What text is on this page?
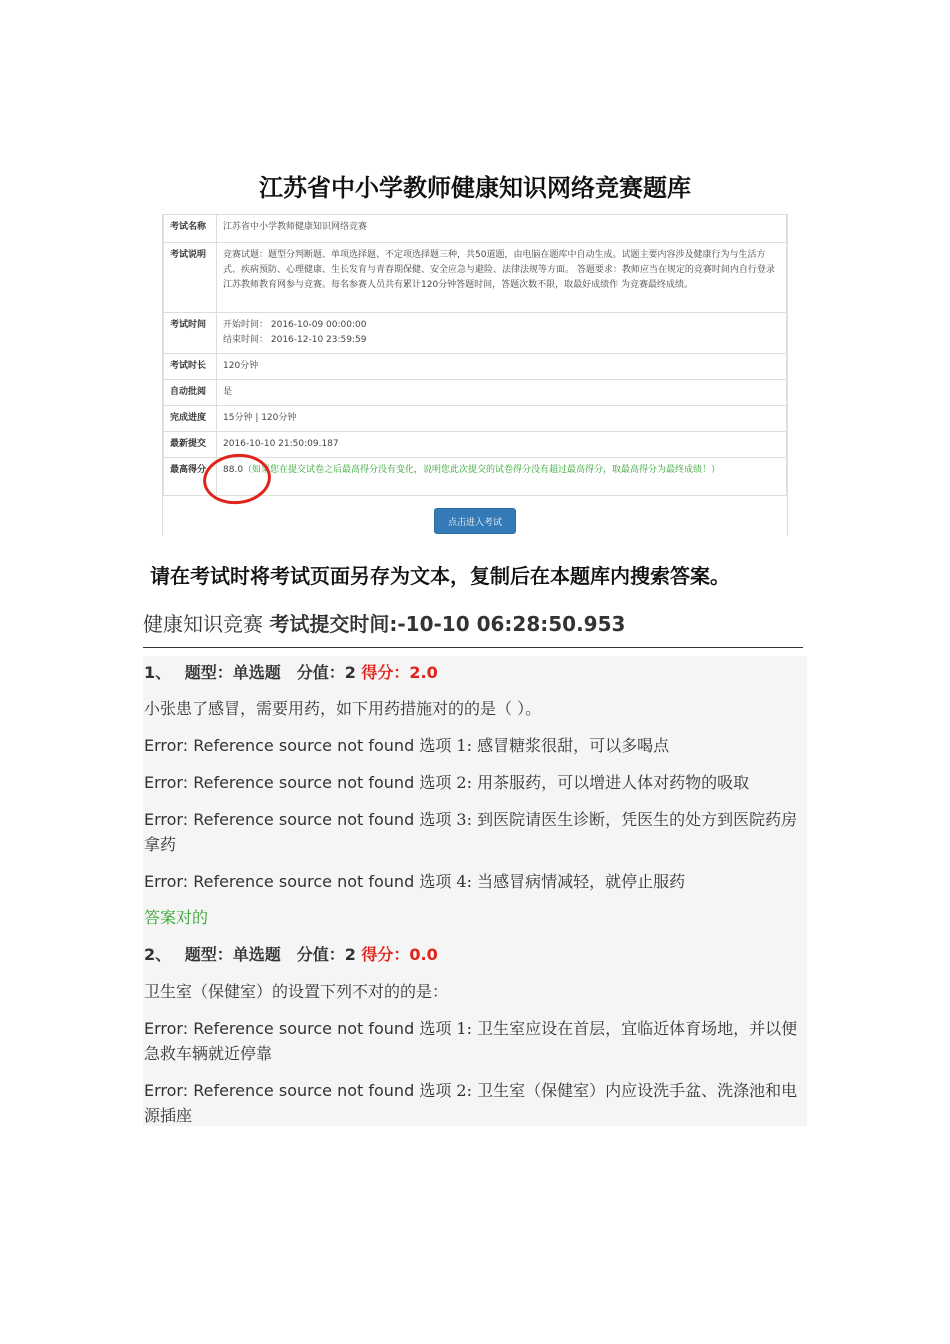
江苏省中小学教师健康知识网络竞赛题库
考试名称	江苏省中小学教师健康知识网络竞赛
考试说明	竞赛试题：题型分判断题、单项选择题、不定项选择题三种，共50道题，由电脑在题库中自动生成。试题主要内容涉及健康行为与生活方式、疾病预防、心理健康、生长发育与青春期保健、安全应急与避险、法律法规等方面。 答题要求：教师应当在规定的竞赛时间内自行登录江苏教师教育网参与竞赛。每名参赛人员共有累计120分钟答题时间，答题次数不限，取最好成绩作 为竞赛最终成绩。
考试时间	开始时间： 2016-10-09 00:00:00
结束时间： 2016-12-10 23:59:59

考试时长	120分钟
自动批阅	是
完成进度	15分钟 | 120分钟
最新提交	2016-10-10 21:50:09.187
最高得分	88.0（如果您在提交试卷之后最高得分没有变化，说明您此次提交的试卷得分没有超过最高得分，取最高得分为最终成绩！）
点击进入考试
请在考试时将考试页面另存为文本，复制后在本题库内搜索答案。
健康知识竞赛 考试提交时间:-10-10 06:28:50.953

1、　 题型：单选题　分值：2 得分：2.0

小张患了感冒，需要用药，如下用药措施对的的是（ ）。

Error: Reference source not found 选项 1: 感冒糖浆很甜，可以多喝点

Error: Reference source not found 选项 2: 用茶服药，可以增进人体对药物的吸取

Error: Reference source not found 选项 3: 到医院请医生诊断，凭医生的处方到医院药房拿药

Error: Reference source not found 选项 4: 当感冒病情减轻，就停止服药

答案对的

2、　 题型：单选题　分值：2 得分：0.0

卫生室（保健室）的设置下列不对的的是：

Error: Reference source not found 选项 1: 卫生室应设在首层，宜临近体育场地，并以便急救车辆就近停靠

Error: Reference source not found 选项 2: 卫生室（保健室）内应设洗手盆、洗涤池和电源插座
